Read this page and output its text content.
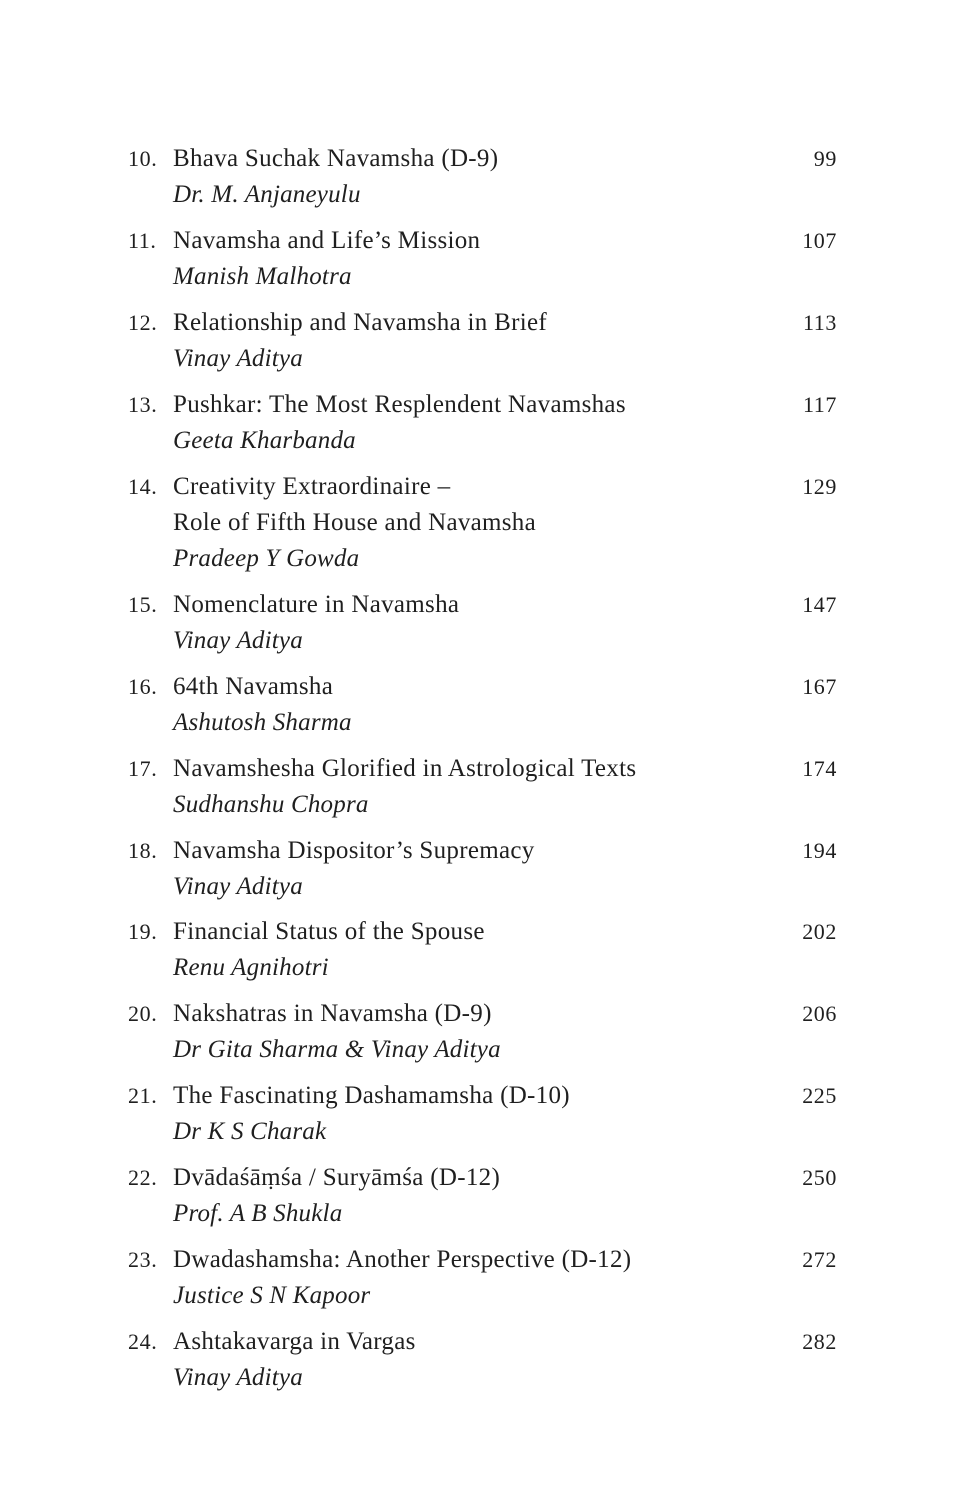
10. Bhava Suchak Navamsha (D-9)
Dr. M. Anjaneyulu
99
11. Navamsha and Life’s Mission
Manish Malhotra
107
12. Relationship and Navamsha in Brief
Vinay Aditya
113
13. Pushkar: The Most Resplendent Navamshas
Geeta Kharbanda
117
14. Creativity Extraordinaire –
Role of Fifth House and Navamsha
Pradeep Y Gowda
129
15. Nomenclature in Navamsha
Vinay Aditya
147
16. 64th Navamsha
Ashutosh Sharma
167
17. Navamshesha Glorified in Astrological Texts
Sudhanshu Chopra
174
18. Navamsha Dispositor’s Supremacy
Vinay Aditya
194
19. Financial Status of the Spouse
Renu Agnihotri
202
20. Nakshatras in Navamsha (D-9)
Dr Gita Sharma & Vinay Aditya
206
21. The Fascinating Dashamamsha (D-10)
Dr K S Charak
225
22. Dvādaśāṃśa / Suryāmśa (D-12)
Prof. A B Shukla
250
23. Dwadashamsha: Another Perspective (D-12)
Justice S N Kapoor
272
24. Ashtakavarga in Vargas
Vinay Aditya
282
